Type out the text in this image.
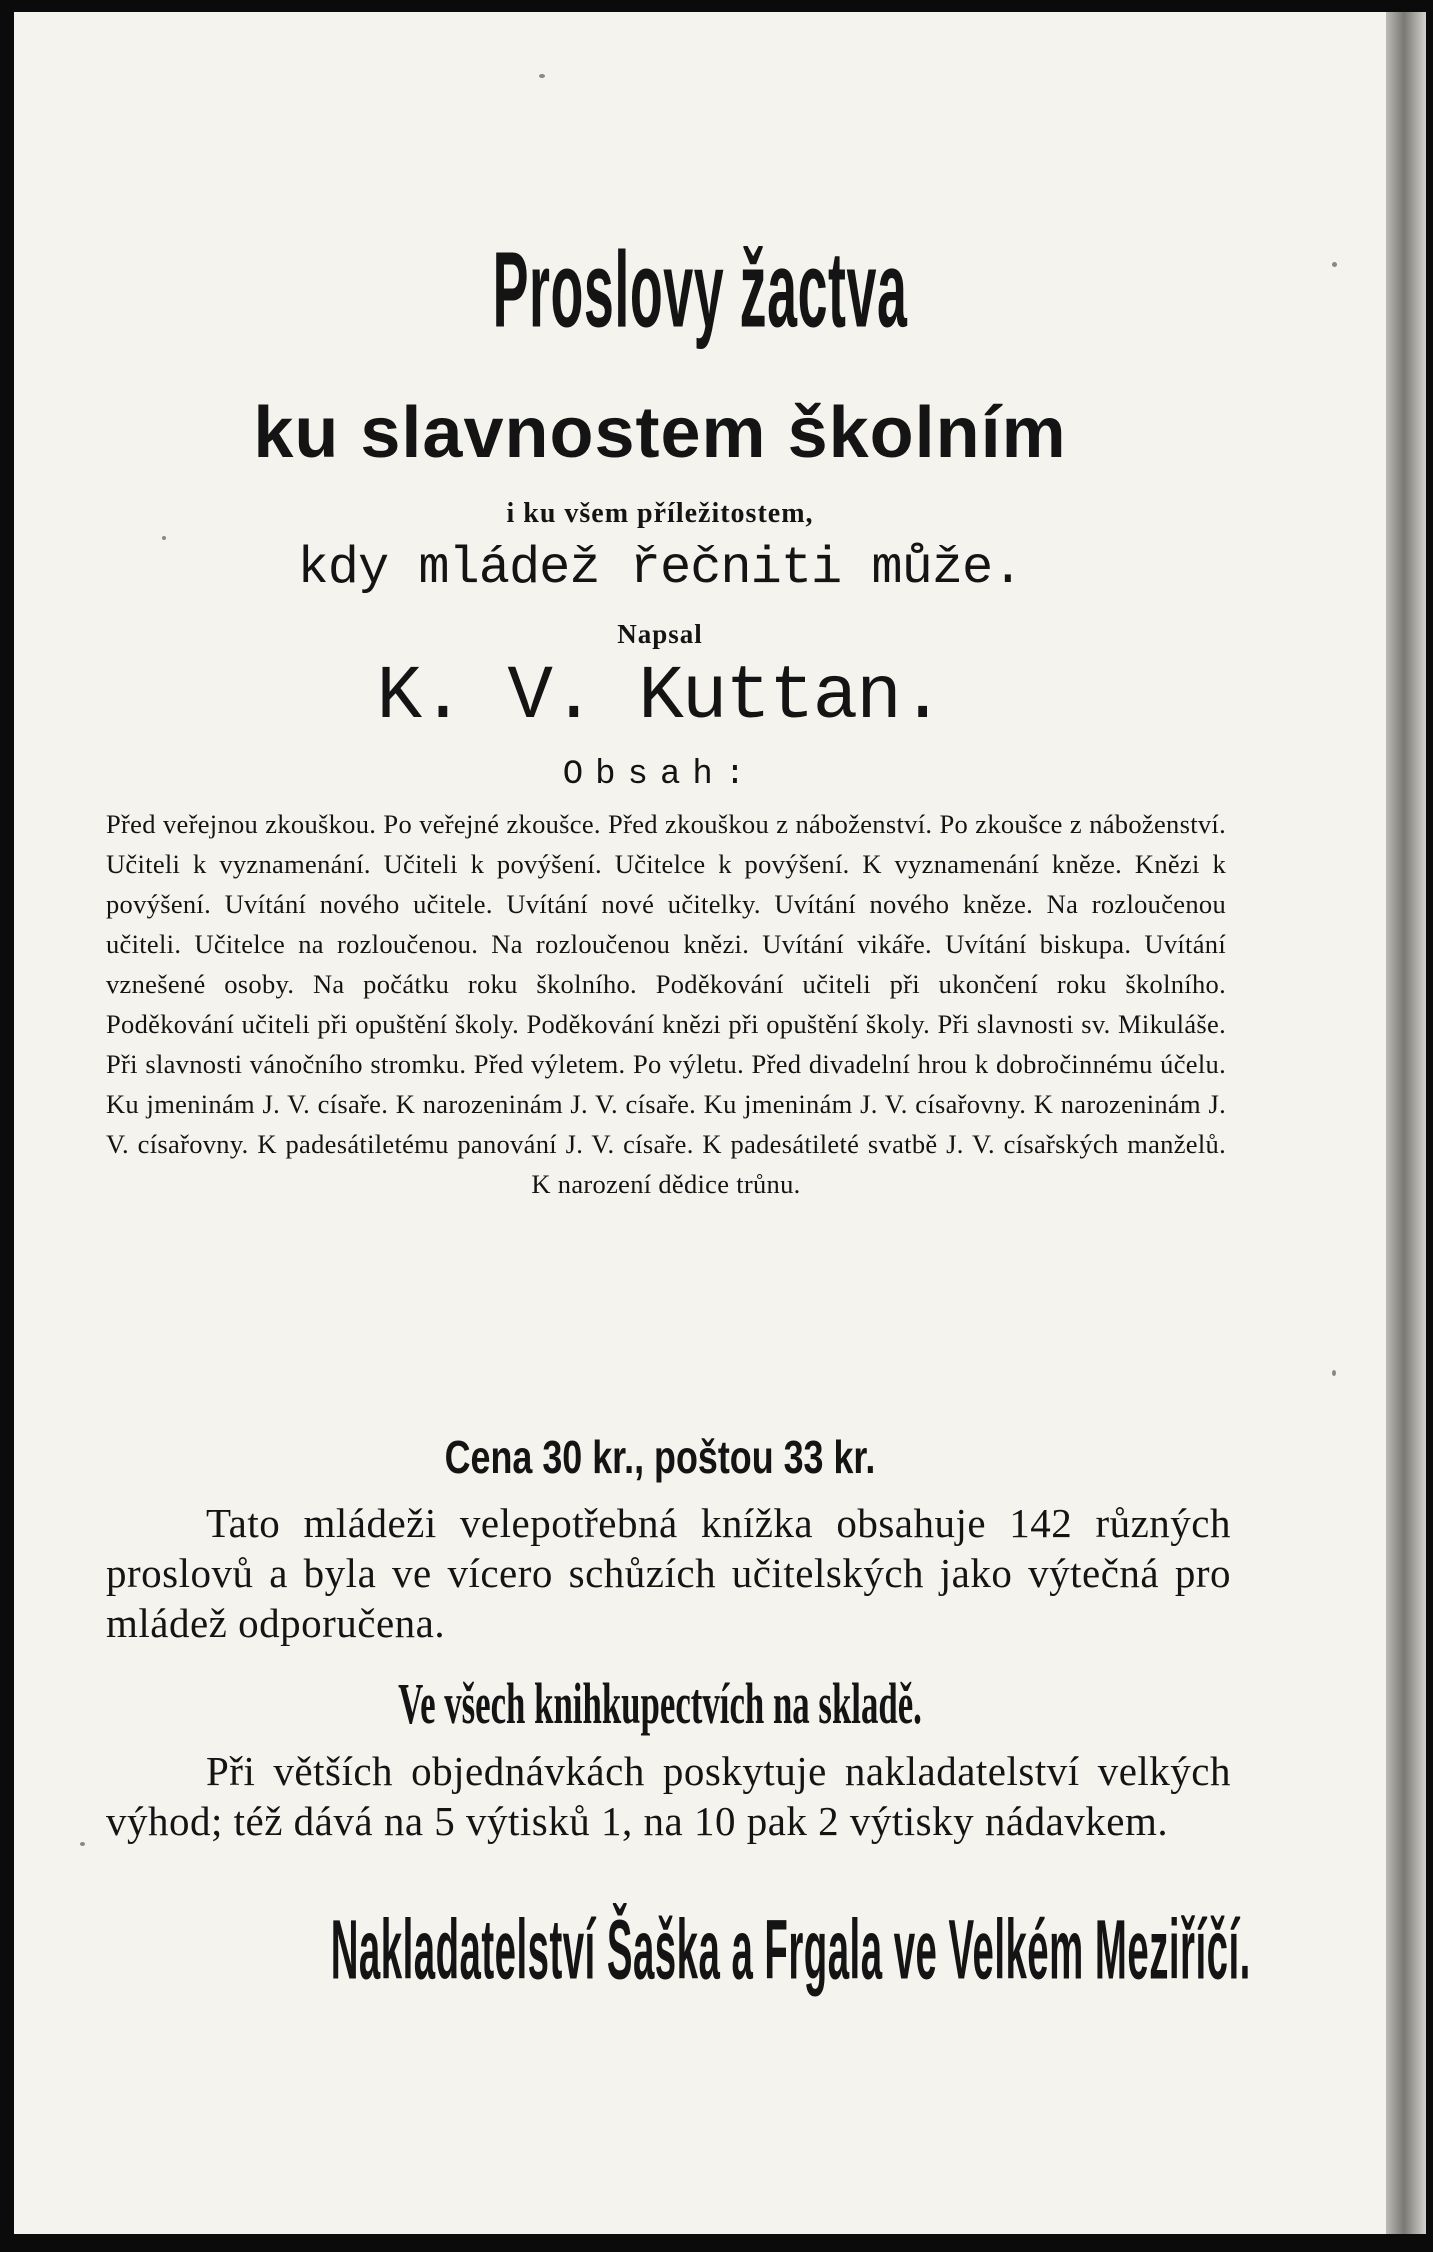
Proslovy žactva
ku slavnostem školním
i ku všem příležitostem,
kdy mládež řečniti může.
Napsal
K. V. Kuttan.
Obsah:

Před veřejnou zkouškou. Po veřejné zkoušce. Před zkouškou z náboženství. Po zkoušce z náboženství. Učiteli k vyznamenání. Učiteli k povýšení. Učitelce k povýšení. K vyznamenání kněze. Knězi k povýšení. Uvítání nového učitele. Uvítání nové učitelky. Uvítání nového kněze. Na rozloučenou učiteli. Učitelce na rozloučenou. Na rozloučenou knězi. Uvítání vikáře. Uvítání biskupa. Uvítání vznešené osoby. Na počátku roku školního. Poděkování učiteli při ukončení roku školního. Poděkování učiteli při opuštění školy. Poděkování knězi při opuštění školy. Při slavnosti sv. Mikuláše. Při slavnosti vánočního stromku. Před výletem. Po výletu. Před divadelní hrou k dobročinnému účelu. Ku jmeninám J. V. císaře. K narozeninám J. V. císaře. Ku jmeninám J. V. císařovny. K narozeninám J. V. císařovny. K padesátiletému panování J. V. císaře. K padesátileté svatbě J. V. císařských manželů. K narození dědice trůnu.

Cena 30 kr., poštou 33 kr.

Tato mládeži velepotřebná knížka obsahuje 142 různých proslovů a byla ve vícero schůzích učitelských jako výtečná pro mládež odporučena.

Ve všech knihkupectvích na skladě.

Při větších objednávkách poskytuje nakladatelství velkých výhod; též dává na 5 výtisků 1, na 10 pak 2 výtisky nádavkem.

Nakladatelství Šaška a Frgala ve Velkém Meziříčí.
